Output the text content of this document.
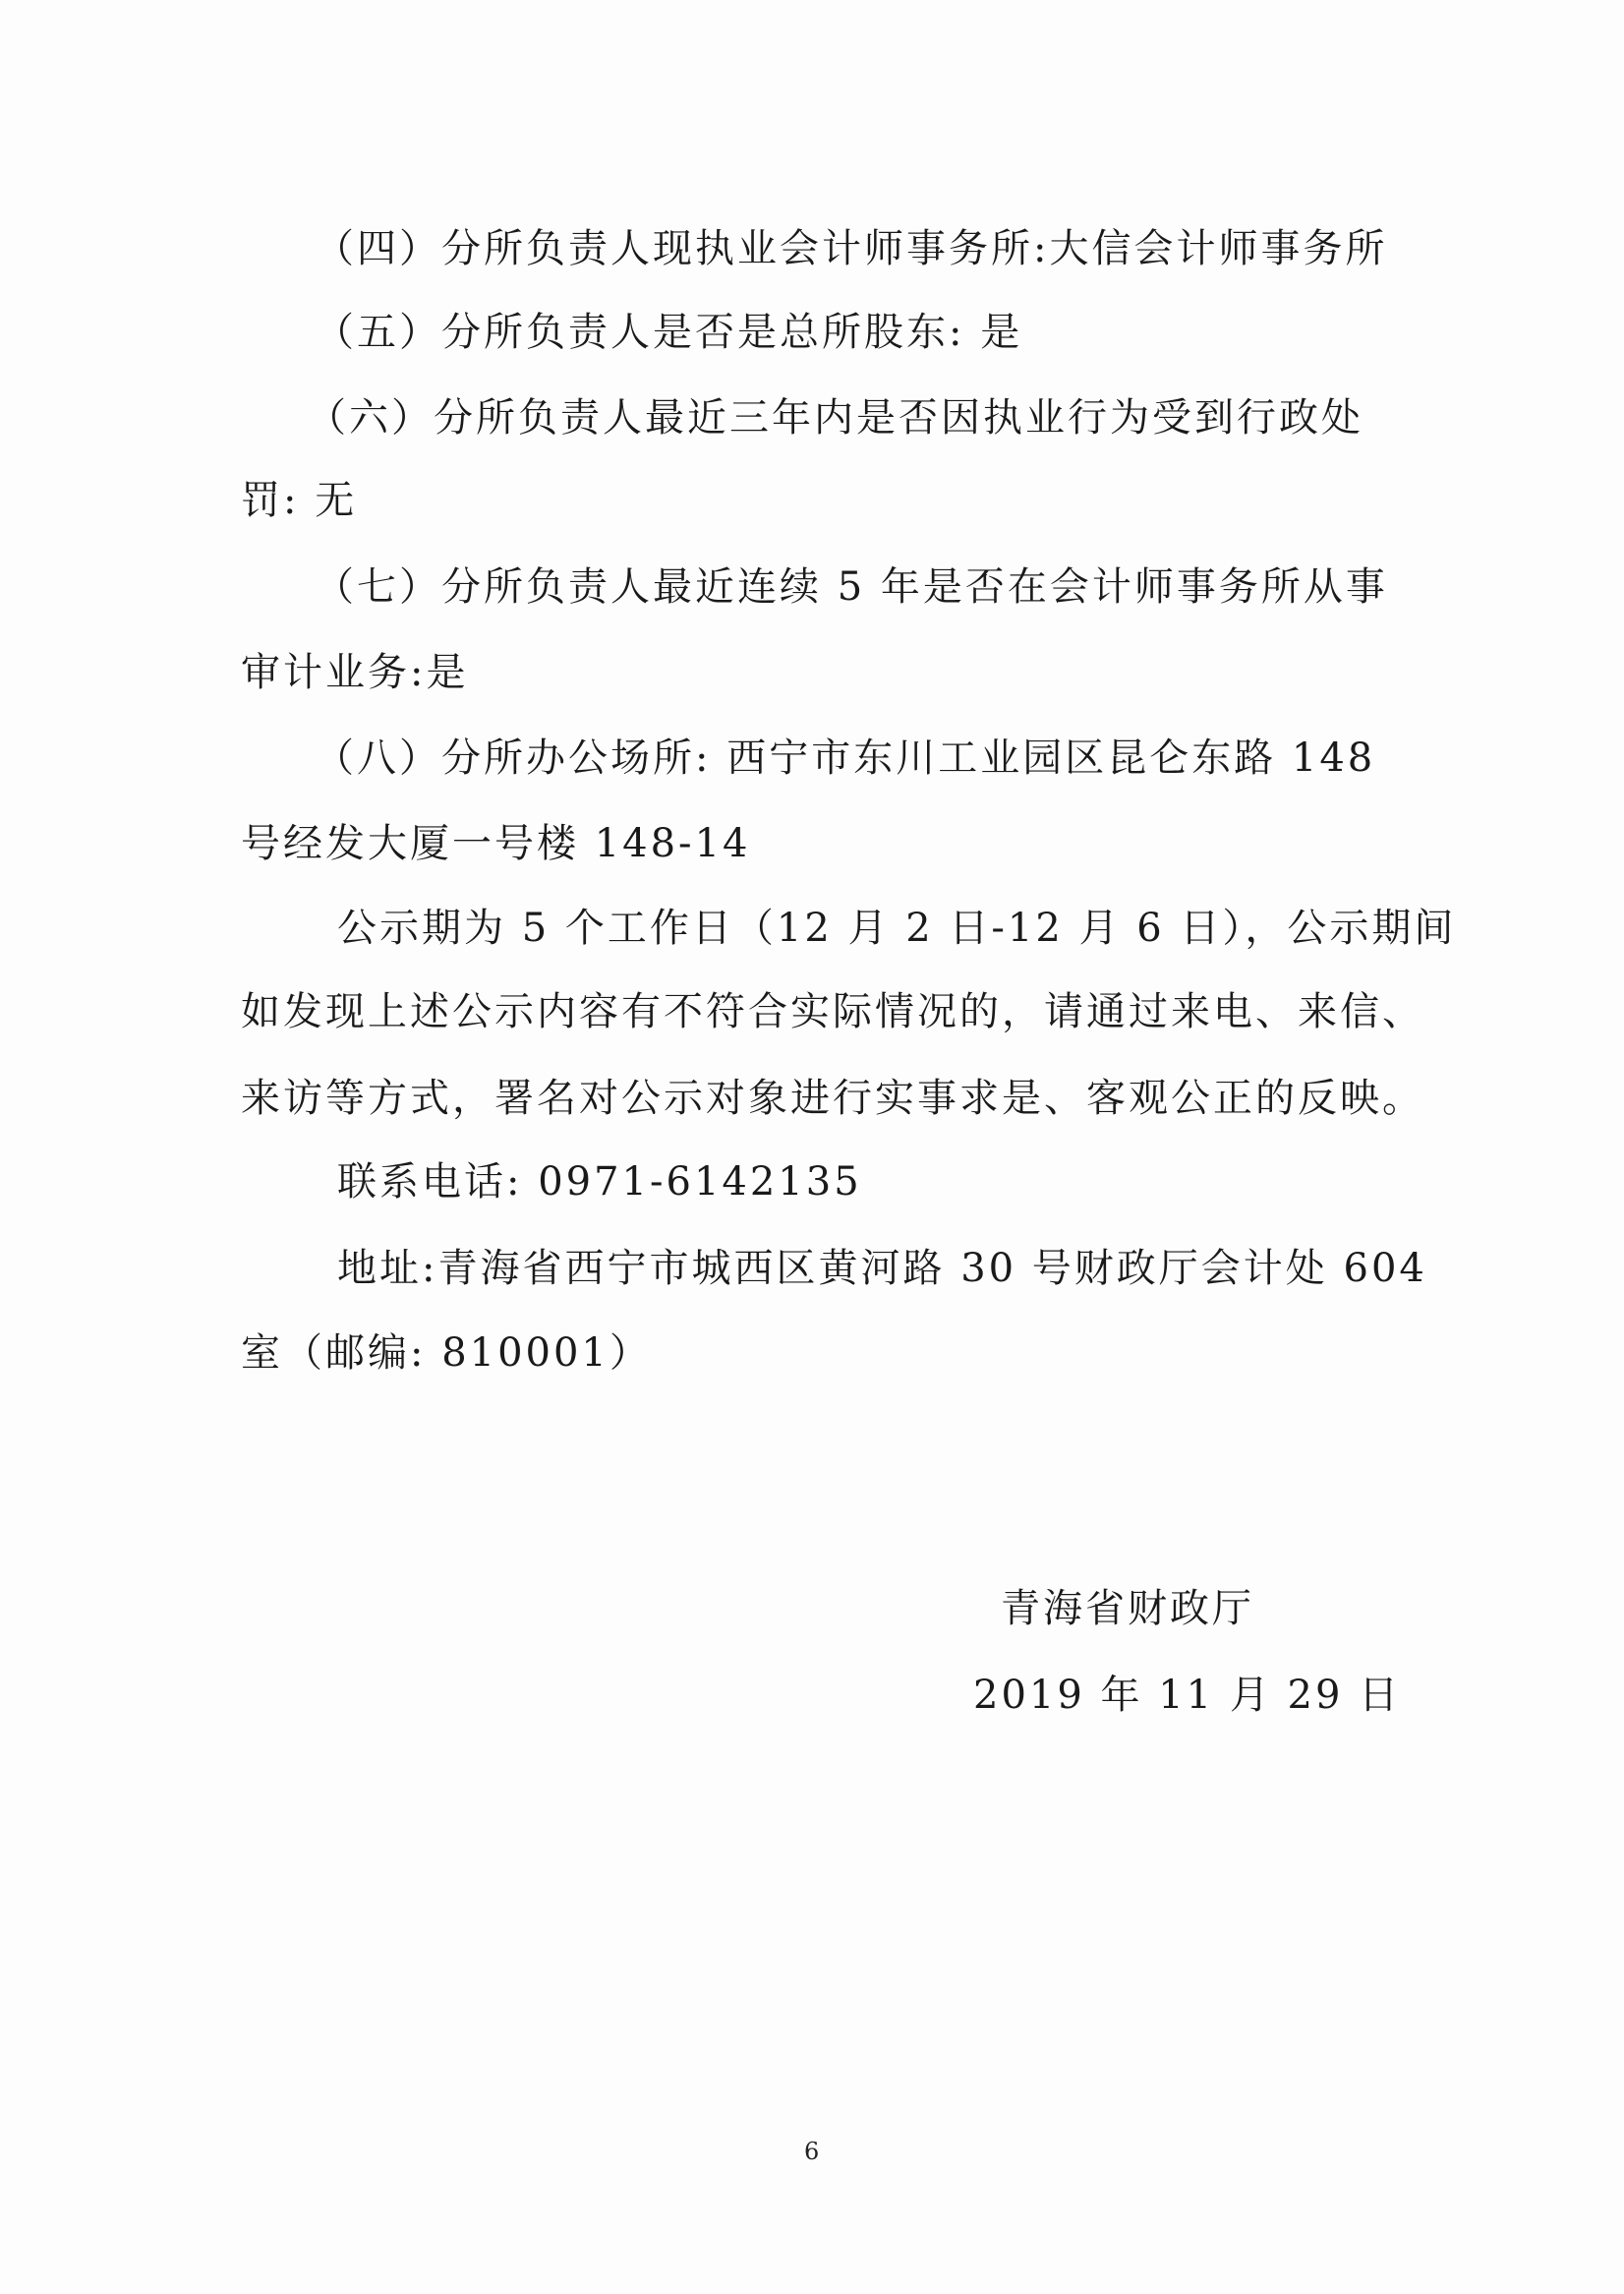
（四）分所负责人现执业会计师事务所:大信会计师事务所
（五）分所负责人是否是总所股东: 是
（六）分所负责人最近三年内是否因执业行为受到行政处
罚: 无
（七）分所负责人最近连续 5 年是否在会计师事务所从事
审计业务:是
（八）分所办公场所: 西宁市东川工业园区昆仑东路 148
号经发大厦一号楼 148-14
公示期为 5 个工作日（12 月 2 日-12 月 6 日），公示期间
如发现上述公示内容有不符合实际情况的，请通过来电、来信、
来访等方式，署名对公示对象进行实事求是、客观公正的反映。
联系电话: 0971-6142135
地址:青海省西宁市城西区黄河路 30 号财政厅会计处 604
室（邮编: 810001）
青海省财政厅
2019 年 11 月 29 日
6
